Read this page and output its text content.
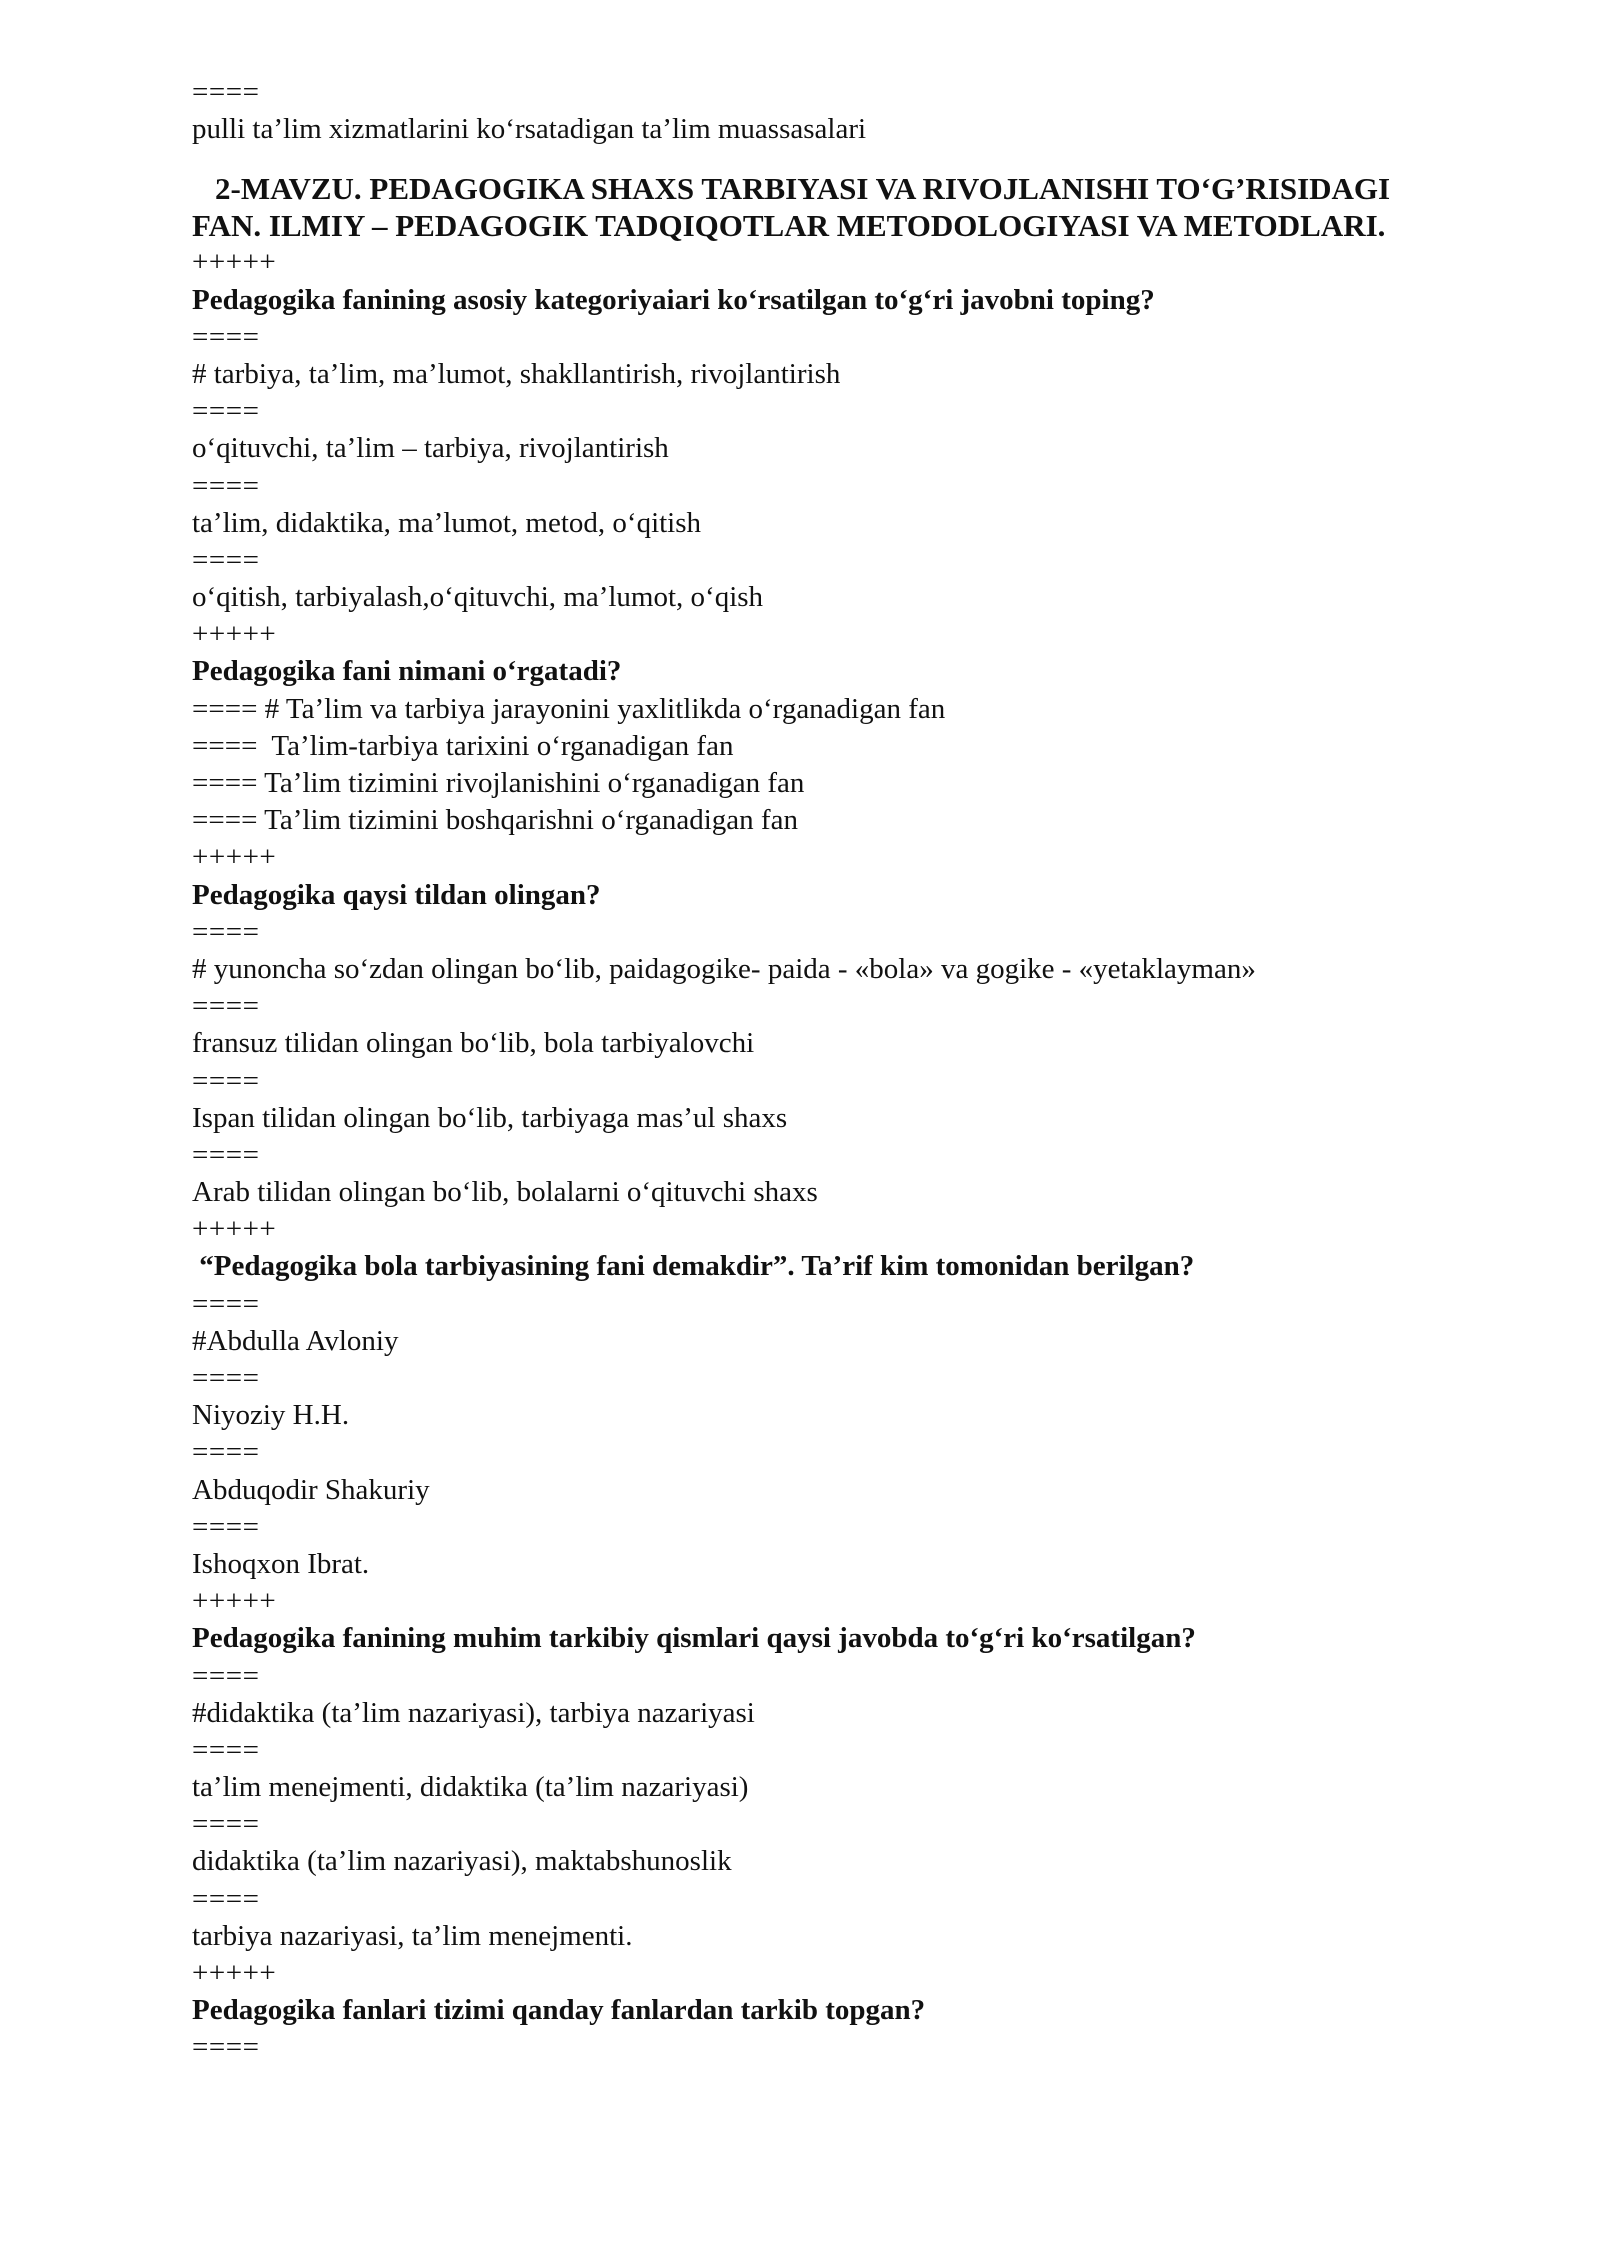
====
pulli ta’lim xizmatlarini ko‘rsatadigan ta’lim muassasalari
2-MAVZU. PEDAGOGIKA SHAXS TARBIYASI VA RIVOJLANISHI TO‘G’RISIDAGI
FAN. ILMIY – PEDAGOGIK TADQIQOTLAR METODOLOGIYASI VA METODLARI.
+++++
Pedagogika fanining asosiy kategoriyaiari ko‘rsatilgan to‘g‘ri javobni toping?
====
# tarbiya, ta’lim, ma’lumot, shakllantirish, rivojlantirish
====
o‘qituvchi, ta’lim – tarbiya, rivojlantirish
====
ta’lim, didaktika, ma’lumot, metod, o‘qitish
====
o‘qitish, tarbiyalash,o‘qituvchi, ma’lumot, o‘qish
+++++
Pedagogika fani nimani o‘rgatadi?
==== # Ta’lim va tarbiya jarayonini yaxlitlikda o‘rganadigan fan
====  Ta’lim-tarbiya tarixini o‘rganadigan fan
==== Ta’lim tizimini rivojlanishini o‘rganadigan fan
==== Ta’lim tizimini boshqarishni o‘rganadigan fan
+++++
Pedagogika qaysi tildan olingan?
====
# yunoncha so‘zdan olingan bo‘lib, paidagogike- paida - «bola» va gogike - «yetaklayman»
====
fransuz tilidan olingan bo‘lib, bola tarbiyalovchi
====
Ispan tilidan olingan bo‘lib, tarbiyaga mas’ul shaxs
====
Arab tilidan olingan bo‘lib, bolalarni o‘qituvchi shaxs
+++++
“Pedagogika bola tarbiyasining fani demakdir”. Ta’rif kim tomonidan berilgan?
====
#Abdulla Avloniy
====
Niyoziy H.H.
====
Abduqodir Shakuriy
====
Ishoqxon Ibrat.
+++++
Pedagogika fanining muhim tarkibiy qismlari qaysi javobda to‘g‘ri ko‘rsatilgan?
====
#didaktika (ta’lim nazariyasi), tarbiya nazariyasi
====
ta’lim menejmenti, didaktika (ta’lim nazariyasi)
====
didaktika (ta’lim nazariyasi), maktabshunoslik
====
tarbiya nazariyasi, ta’lim menejmenti.
+++++
Pedagogika fanlari tizimi qanday fanlardan tarkib topgan?
====
